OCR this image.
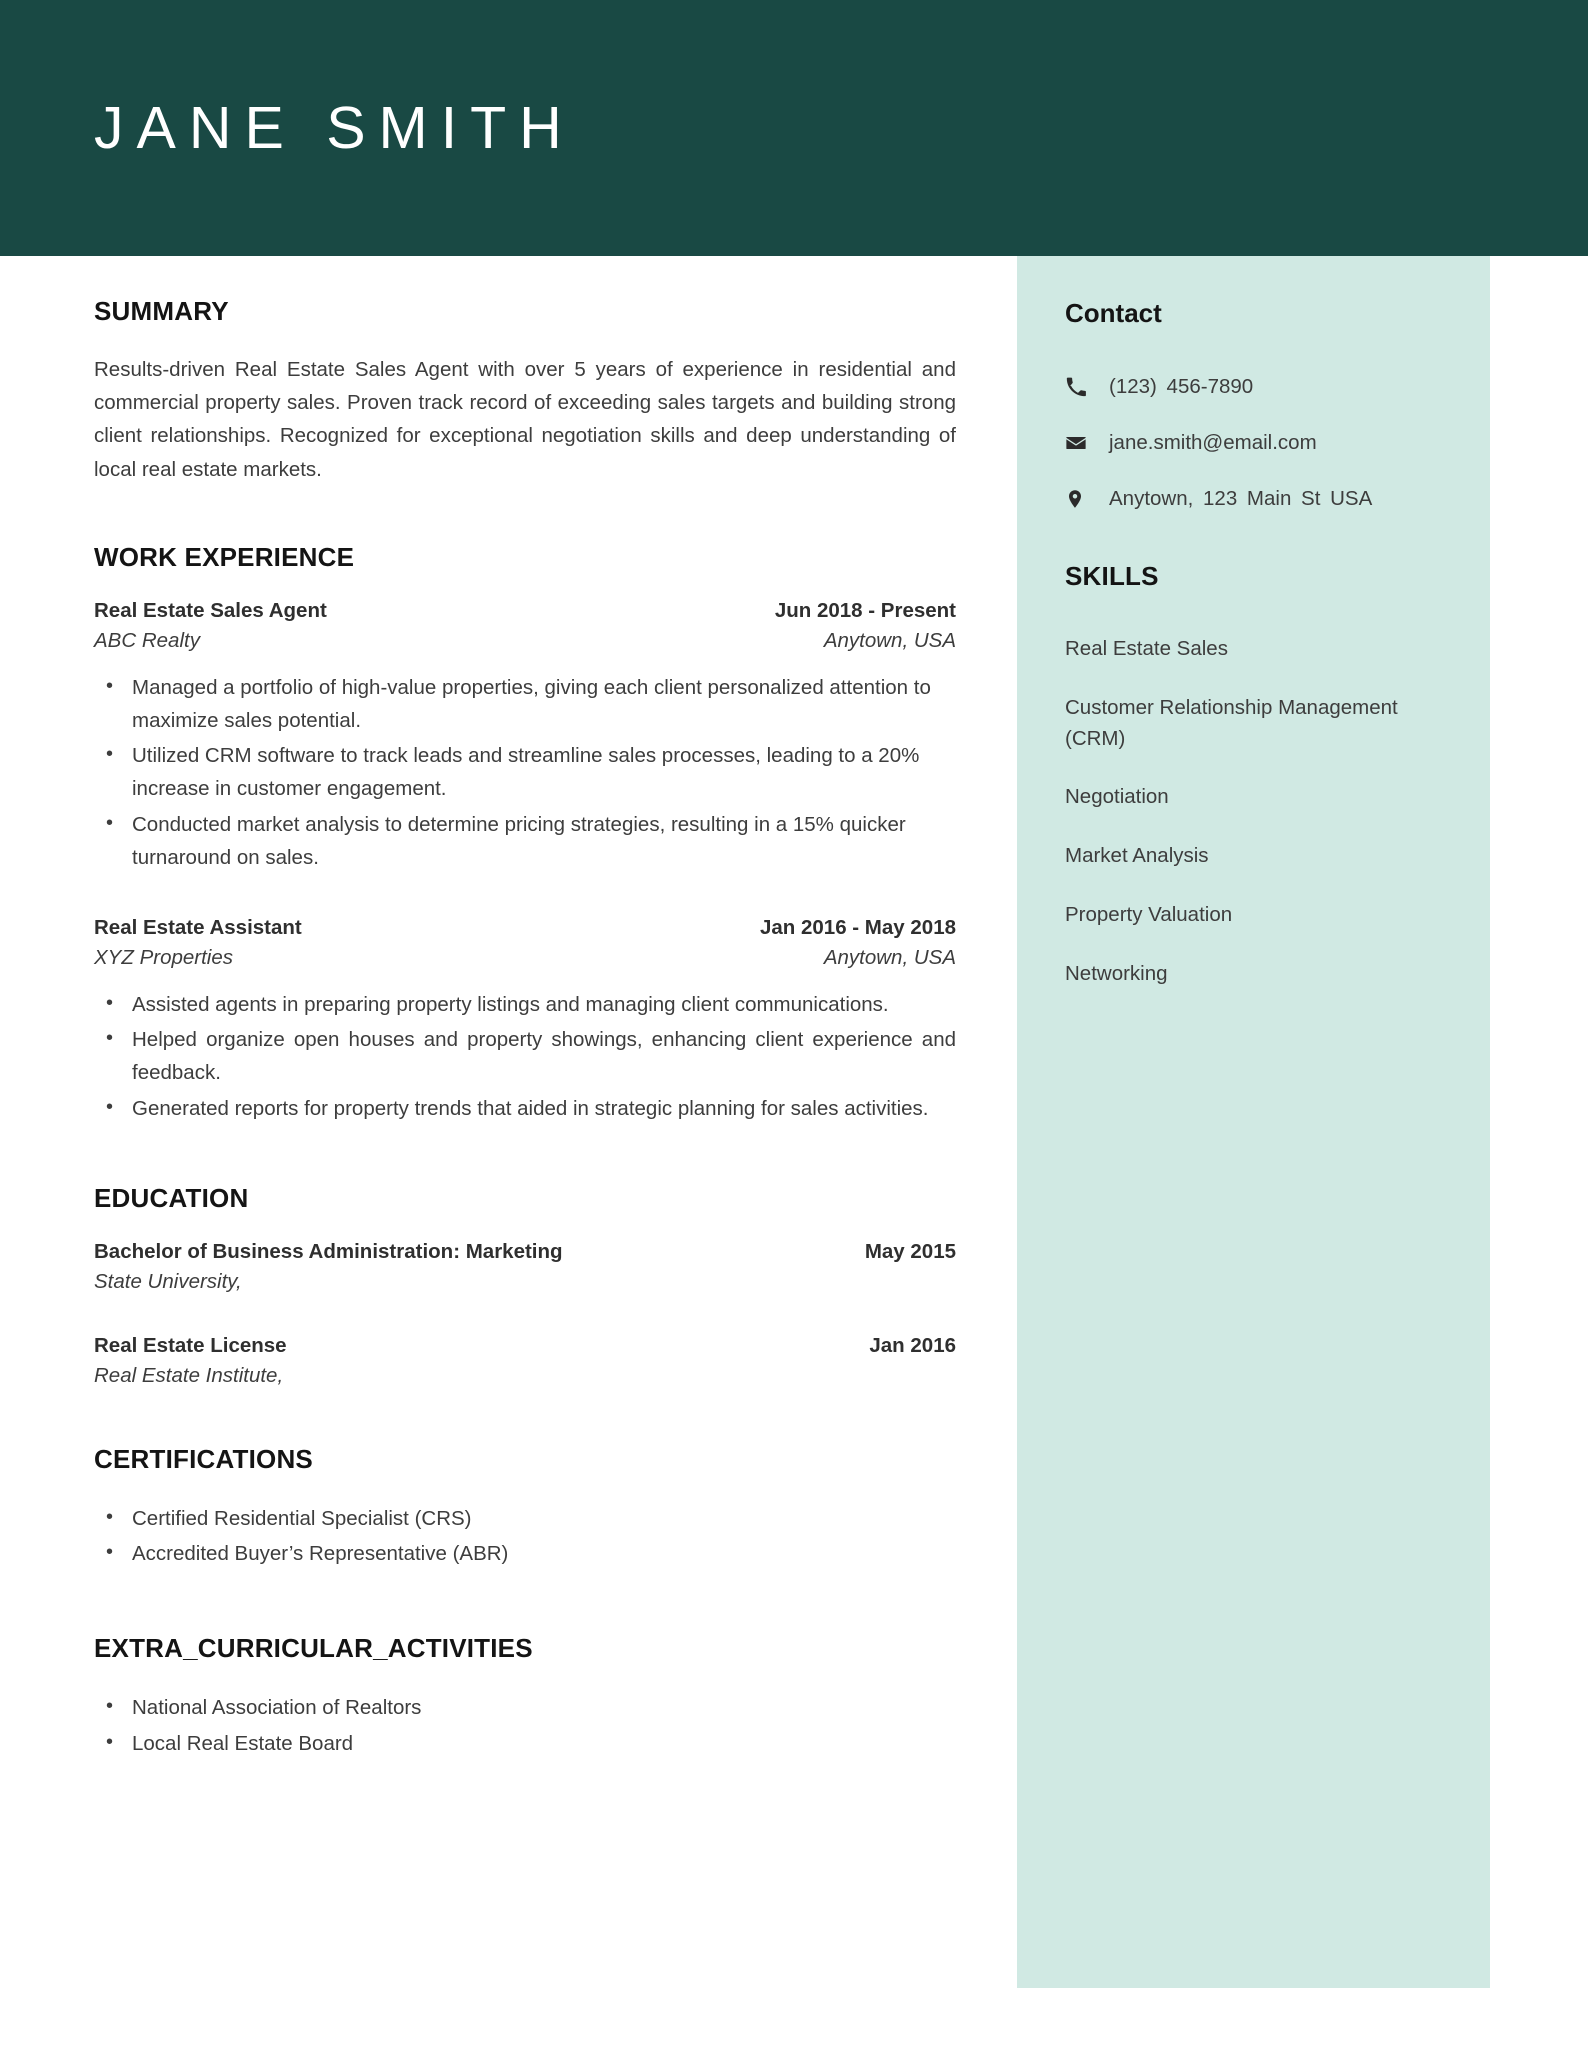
JANE SMITH
SUMMARY

Results-driven Real Estate Sales Agent with over 5 years of experience in residential and commercial property sales. Proven track record of exceeding sales targets and building strong client relationships. Recognized for exceptional negotiation skills and deep understanding of local real estate markets.

WORK EXPERIENCE
Real Estate Sales Agent	Jun 2018 - Present
ABC Realty	Anytown, USA
• Managed a portfolio of high-value properties, giving each client personalized attention to maximize sales potential.
• Utilized CRM software to track leads and streamline sales processes, leading to a 20% increase in customer engagement.
• Conducted market analysis to determine pricing strategies, resulting in a 15% quicker turnaround on sales.
Real Estate Assistant	Jan 2016 - May 2018
XYZ Properties	Anytown, USA
• Assisted agents in preparing property listings and managing client communications.
• Helped organize open houses and property showings, enhancing client experience and feedback.
• Generated reports for property trends that aided in strategic planning for sales activities.
EDUCATION
Bachelor of Business Administration: Marketing	May 2015
State University,
Real Estate License	Jan 2016
Real Estate Institute,
CERTIFICATIONS
• Certified Residential Specialist (CRS)
• Accredited Buyer’s Representative (ABR)
EXTRA_CURRICULAR_ACTIVITIES
• National Association of Realtors
• Local Real Estate Board
Contact
(123) 456-7890
jane.smith@email.com
Anytown, 123 Main St USA
SKILLS
Real Estate Sales
Customer Relationship Management (CRM)
Negotiation
Market Analysis
Property Valuation
Networking
